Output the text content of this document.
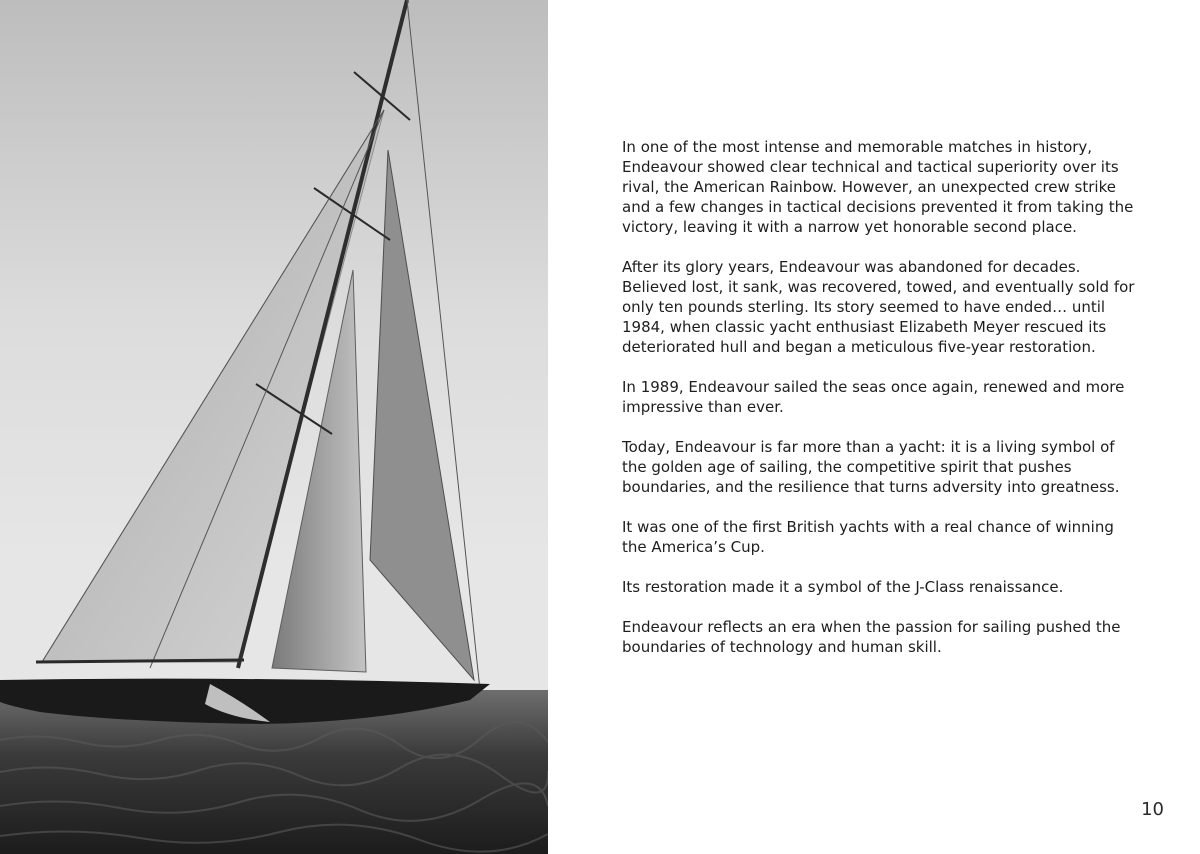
In one of the most intense and memorable matches in history, Endeavour showed clear technical and tactical superiority over its rival, the American Rainbow. However, an unexpected crew strike and a few changes in tactical decisions prevented it from taking the victory, leaving it with a narrow yet honorable second place.

After its glory years, Endeavour was abandoned for decades. Believed lost, it sank, was recovered, towed, and eventually sold for only ten pounds sterling. Its story seemed to have ended… until 1984, when classic yacht enthusiast Elizabeth Meyer rescued its deteriorated hull and began a meticulous five-year restoration.

In 1989, Endeavour sailed the seas once again, renewed and more impressive than ever.

Today, Endeavour is far more than a yacht: it is a living symbol of the golden age of sailing, the competitive spirit that pushes boundaries, and the resilience that turns adversity into greatness.

It was one of the first British yachts with a real chance of winning the America’s Cup.

Its restoration made it a symbol of the J-Class renaissance.

Endeavour reflects an era when the passion for sailing pushed the boundaries of technology and human skill.

10
